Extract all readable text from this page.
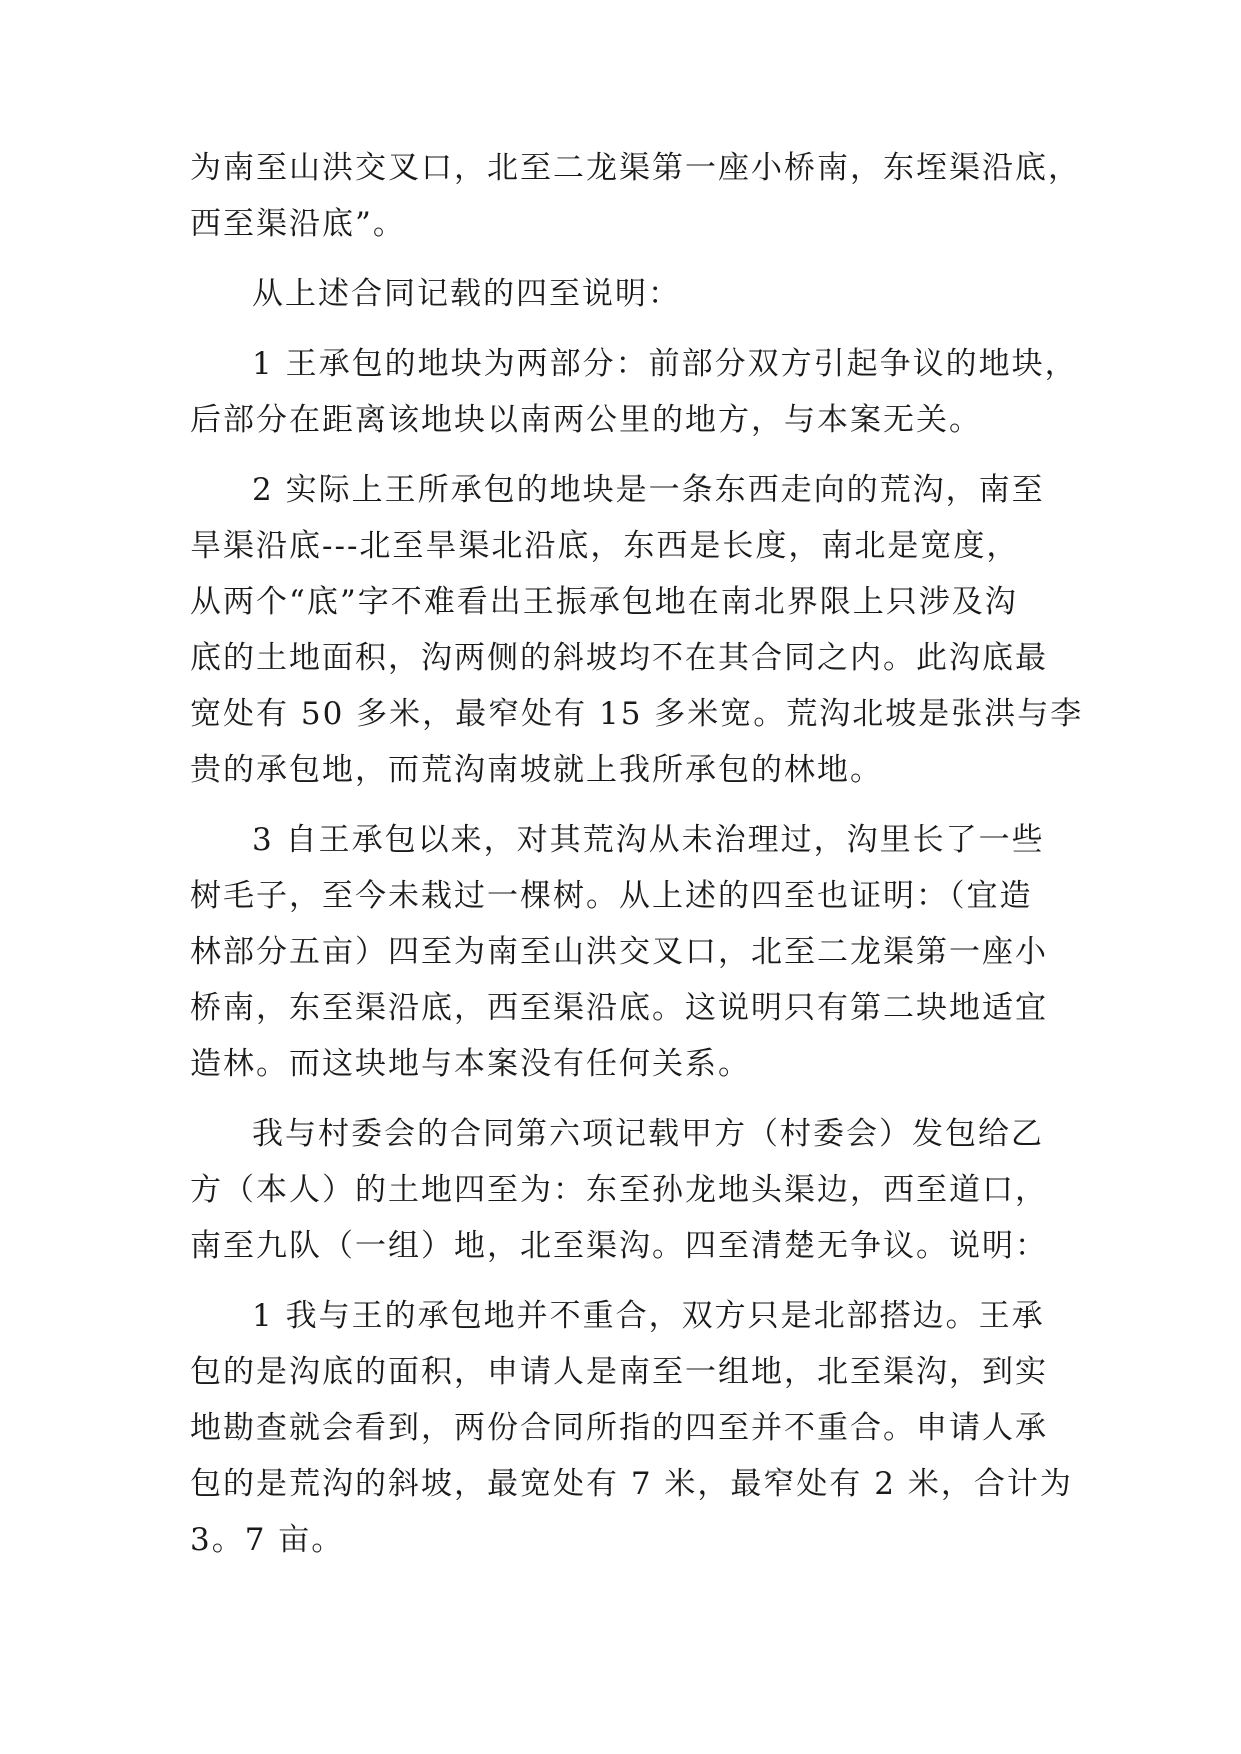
为南至山洪交叉口，北至二龙渠第一座小桥南，东垤渠沿底，
西至渠沿底”。
从上述合同记载的四至说明：
1 王承包的地块为两部分：前部分双方引起争议的地块，
后部分在距离该地块以南两公里的地方，与本案无关。
2 实际上王所承包的地块是一条东西走向的荒沟，南至
旱渠沿底---北至旱渠北沿底，东西是长度，南北是宽度，
从两个“底”字不难看出王振承包地在南北界限上只涉及沟
底的土地面积，沟两侧的斜坡均不在其合同之内。此沟底最
宽处有 50 多米，最窄处有 15 多米宽。荒沟北坡是张洪与李
贵的承包地，而荒沟南坡就上我所承包的林地。
3 自王承包以来，对其荒沟从未治理过，沟里长了一些
树毛子，至今未栽过一棵树。从上述的四至也证明：（宜造
林部分五亩）四至为南至山洪交叉口，北至二龙渠第一座小
桥南，东至渠沿底，西至渠沿底。这说明只有第二块地适宜
造林。而这块地与本案没有任何关系。
我与村委会的合同第六项记载甲方（村委会）发包给乙
方（本人）的土地四至为：东至孙龙地头渠边，西至道口，
南至九队（一组）地，北至渠沟。四至清楚无争议。说明：
1 我与王的承包地并不重合，双方只是北部搭边。王承
包的是沟底的面积，申请人是南至一组地，北至渠沟，到实
地勘查就会看到，两份合同所指的四至并不重合。申请人承
包的是荒沟的斜坡，最宽处有 7 米，最窄处有 2 米，合计为
3。7 亩。
